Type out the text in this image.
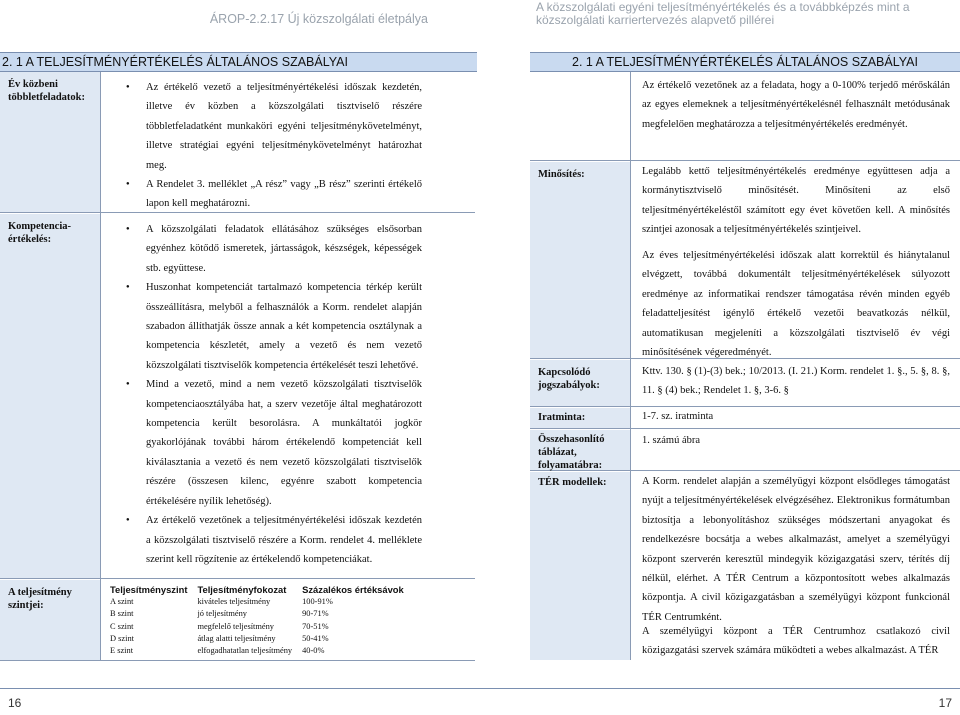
ÁROP-2.2.17 Új közszolgálati életpálya
A közszolgálati egyéni teljesítményértékelés és a továbbképzés mint a
közszolgálati karriertervezés alapvető pillérei
2. 1 A TELJESÍTMÉNYÉRTÉKELÉS ÁLTALÁNOS SZABÁLYAI	2. 1 A TELJESÍTMÉNYÉRTÉKELÉS ÁLTALÁNOS SZABÁLYAI
Év közbeni többletfeladatok:
● Az értékelő vezető a teljesítményértékelési időszak kezdetén, illetve év közben a közszolgálati tisztviselő részére többletfeladatként munkaköri egyéni teljesítménykövetelményt, illetve stratégiai egyéni teljesítménykövetelményt határozhat meg.
● A Rendelet 3. melléklet „A rész” vagy „B rész” szerinti értékelő lapon kell meghatározni.
Kompetencia-értékelés:
● A közszolgálati feladatok ellátásához szükséges elsősorban egyénhez kötődő ismeretek, jártasságok, készségek, képességek stb. együttese.
● Huszonhat kompetenciát tartalmazó kompetencia térkép került összeállításra, melyből a felhasználók a Korm. rendelet alapján szabadon állíthatják össze annak a két kompetencia osztálynak a kompetencia készletét, amely a vezető és nem vezető közszolgálati tisztviselők kompetencia értékelését teszi lehetővé.
● Mind a vezető, mind a nem vezető közszolgálati tisztviselők kompetenciaosztályába hat, a szerv vezetője által meghatározott kompetencia került besorolásra. A munkáltatói jogkör gyakorlójának további három értékelendő kompetenciát kell kiválasztania a vezető és nem vezető közszolgálati tisztviselők részére (összesen kilenc, egyénre szabott kompetencia értékelésére nyílik lehetőség).
● Az értékelő vezetőnek a teljesítményértékelési időszak kezdetén a közszolgálati tisztviselő részére a Korm. rendelet 4. melléklete szerint kell rögzítenie az értékelendő kompetenciákat.
A teljesítmény szintjei:
Teljesítményszint	Teljesítményfokozat	Százalékos értéksávok
A szint	kiváteles teljesítmény	100-91%
B szint	jó teljesítmény	90-71%
C szint	megfelelő teljesítmény	70-51%
D szint	átlag alatti teljesítmény	50-41%
E szint	elfogadhatatlan teljesítmény	40-0%

Az értékelő vezetőnek az a feladata, hogy a 0-100% terjedő mérőskálán az egyes elemeknek a teljesítményértékelésnél felhasznált metódusának megfelelően meghatározza a teljesítményértékelés eredményét.

Minősítés:	Legalább kettő teljesítményértékelés eredménye együttesen adja a kormánytisztviselő minősítését. Minősíteni az első teljesítményértékeléstől számított egy évet követően kell. A minősítés szintjei azonosak a teljesítményértékelés szintjeivel.

Az éves teljesítményértékelési időszak alatt korrektül és hiánytalanul elvégzett, továbbá dokumentált teljesítményértékelések súlyozott eredménye az informatikai rendszer támogatása révén minden egyéb feladatteljesítést igénylő értékelő vezetői beavatkozás nélkül, automatikusan megjeleníti a közszolgálati tisztviselő év végi minősítésének végeredményét.

Kapcsolódó jogszabályok:

Kttv. 130. § (1)-(3) bek.; 10/2013. (I. 21.) Korm. rendelet 1. §., 5. §, 8. §, 11. § (4) bek.; Rendelet 1. §, 3-6. §

Iratminta:	1-7. sz. iratminta

Összehasonlító táblázat, folyamatábra:

1. számú ábra

TÉR modellek:	A Korm. rendelet alapján a személyügyi központ elsődleges támogatást nyújt a teljesítményértékelések elvégzéséhez. Elektronikus formátumban biztosítja a lebonyolításhoz szükséges módszertani anyagokat és rendelkezésre bocsátja a webes alkalmazást, amelyet a személyügyi központ szerverén keresztül mindegyik közigazgatási szerv, térítés díj nélkül, elérhet. A TÉR Centrum a központosított webes alkalmazás központja. A civil közigazgatásban a személyügyi központ funkcionál TÉR Centrumként.

A személyügyi központ a TÉR Centrumhoz csatlakozó civil közigazgatási szervek számára működteti a webes alkalmazást. A TÉR

16	17
